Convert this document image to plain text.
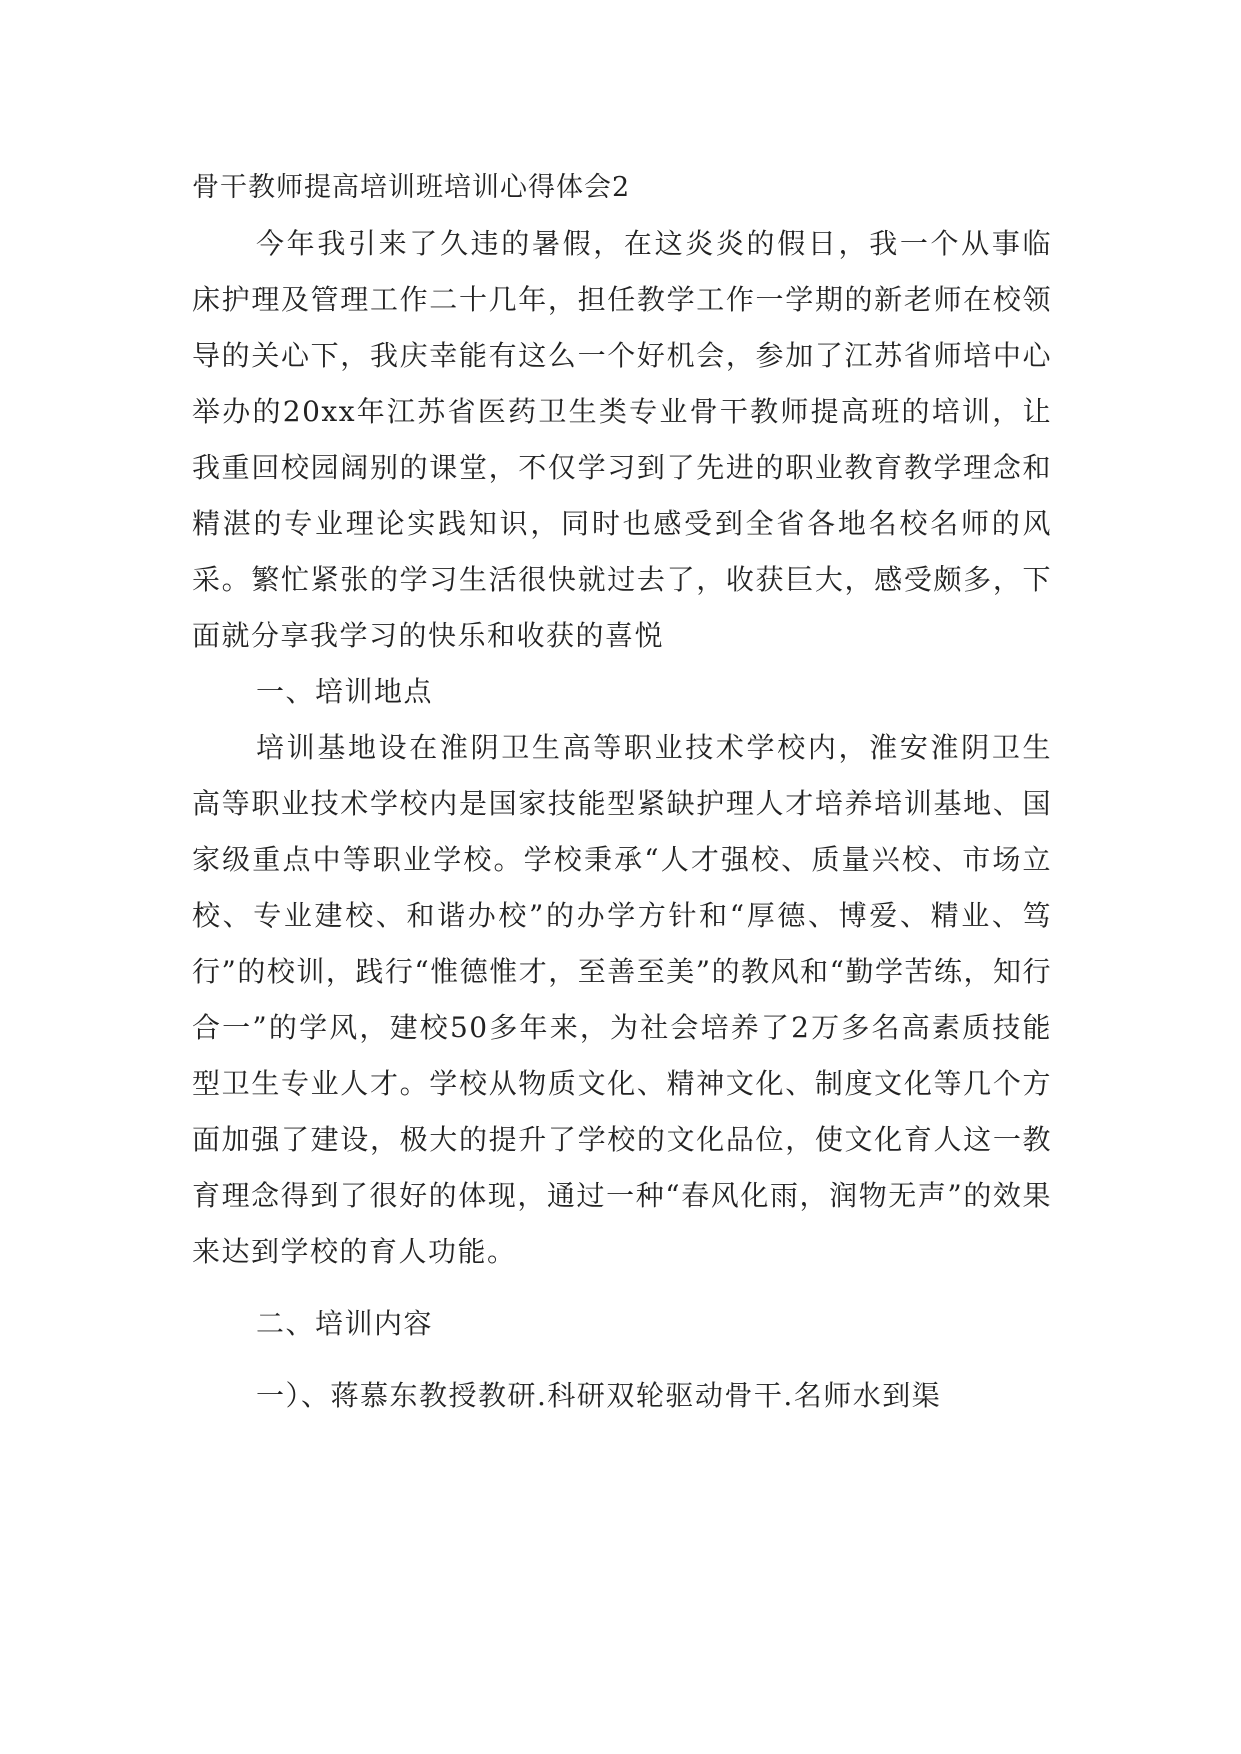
骨干教师提高培训班培训心得体会2

今年我引来了久违的暑假，在这炎炎的假日，我一个从事临床护理及管理工作二十几年，担任教学工作一学期的新老师在校领导的关心下，我庆幸能有这么一个好机会，参加了江苏省师培中心举办的20xx年江苏省医药卫生类专业骨干教师提高班的培训，让我重回校园阔别的课堂，不仅学习到了先进的职业教育教学理念和精湛的专业理论实践知识，同时也感受到全省各地名校名师的风采。繁忙紧张的学习生活很快就过去了，收获巨大，感受颇多，下面就分享我学习的快乐和收获的喜悦

一、培训地点

培训基地设在淮阴卫生高等职业技术学校内，淮安淮阴卫生高等职业技术学校内是国家技能型紧缺护理人才培养培训基地、国家级重点中等职业学校。学校秉承“人才强校、质量兴校、市场立校、专业建校、和谐办校”的办学方针和“厚德、博爱、精业、笃行”的校训，践行“惟德惟才，至善至美”的教风和“勤学苦练，知行合一”的学风，建校50多年来，为社会培养了2万多名高素质技能型卫生专业人才。学校从物质文化、精神文化、制度文化等几个方面加强了建设，极大的提升了学校的文化品位，使文化育人这一教育理念得到了很好的体现，通过一种“春风化雨，润物无声”的效果来达到学校的育人功能。

二、培训内容

一）、蒋慕东教授教研.科研双轮驱动骨干.名师水到渠
